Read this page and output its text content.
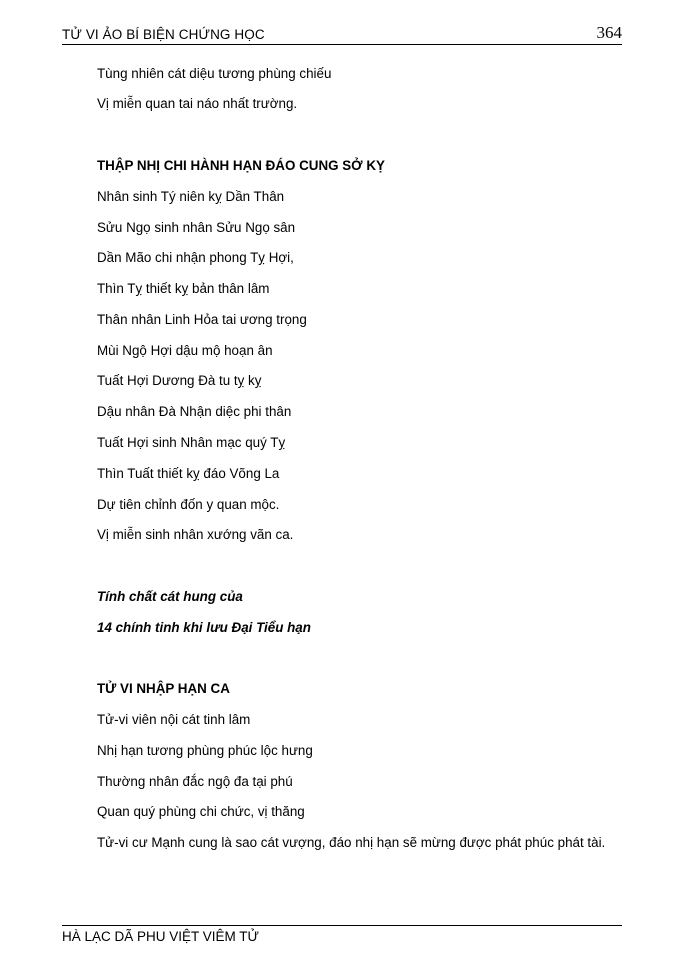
TỬ VI ẢO BÍ BIỆN CHỨNG HỌC	364
Tùng nhiên cát diệu tương phùng chiếu
Vị miễn quan tai náo nhất trường.
THẬP NHỊ CHI HÀNH HẠN ĐÁO CUNG SỞ KỴ
Nhân sinh Tý niên kỵ Dần Thân
Sửu Ngọ sinh nhân Sửu Ngọ sân
Dần Mão chi nhận phong Tỵ Hợi,
Thìn Tỵ thiết kỵ bản thân lâm
Thân nhân Linh Hỏa tai ương trọng
Mùi Ngộ Hợi dậu mộ hoạn ân
Tuất Hợi Dương Đà tu tỵ kỵ
Dậu nhân Đà Nhận diệc phi thân
Tuất Hợi sinh Nhân mạc quý Tỵ
Thìn Tuất thiết kỵ đáo Võng La
Dự tiên chỉnh đốn y quan mộc.
Vị miễn sinh nhân xướng vãn ca.
Tính chất cát hung của
14 chính tinh khi lưu Đại Tiểu hạn
TỬ VI NHẬP HẠN CA
Tử-vi viên nội cát tinh lâm
Nhị hạn tương phùng phúc lộc hưng
Thường nhân đắc ngộ đa tại phú
Quan quý phùng chi chức, vị thăng
Tử-vi cư Mạnh cung là sao cát vượng, đáo nhị hạn sẽ mừng được phát phúc phát tài.
HÀ LẠC DÃ PHU VIỆT VIÊM TỬ
